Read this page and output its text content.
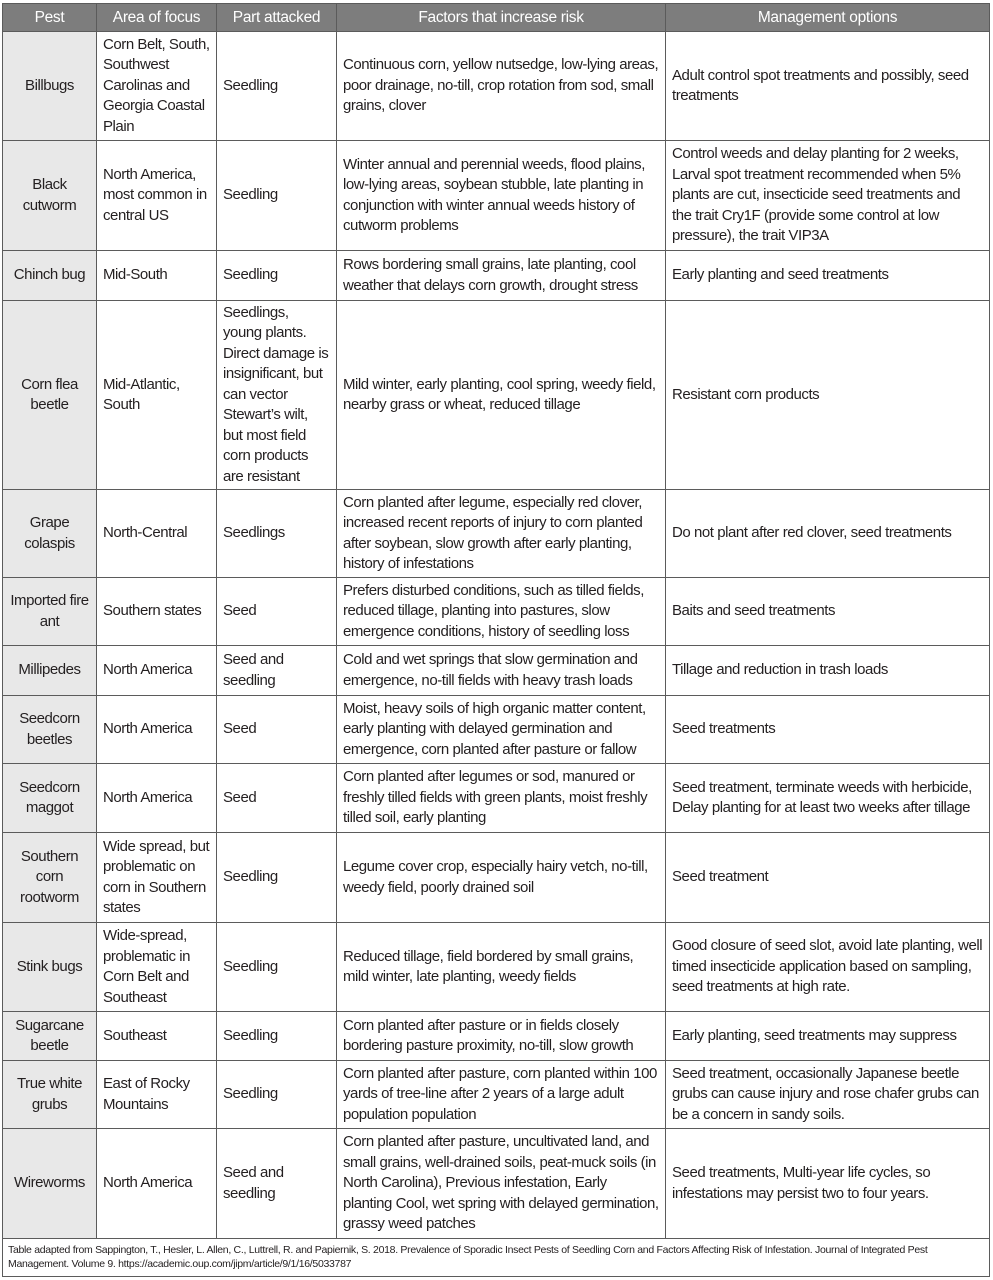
Pest	Area of focus	Part attacked	Factors that increase risk	Management options
Billbugs	Corn Belt, South, Southwest Carolinas and Georgia Coastal Plain	Seedling	Continuous corn, yellow nutsedge, low-lying areas, poor drainage, no-till, crop rotation from sod, small grains, clover	Adult control spot treatments and possibly, seed treatments
Black cutworm	North America, most common in central US	Seedling	Winter annual and perennial weeds, flood plains, low-lying areas, soybean stubble, late planting in conjunction with winter annual weeds history of cutworm problems	Control weeds and delay planting for 2 weeks, Larval spot treatment recommended when 5% plants are cut, insecticide seed treatments and the trait Cry1F (provide some control at low pressure), the trait VIP3A
Chinch bug	Mid-South	Seedling	Rows bordering small grains, late planting, cool weather that delays corn growth, drought stress	Early planting and seed treatments
Corn flea beetle	Mid-Atlantic, South	Seedlings, young plants. Direct damage is insignificant, but can vector Stewart’s wilt, but most field corn products are resistant	Mild winter, early planting, cool spring, weedy field, nearby grass or wheat, reduced tillage	Resistant corn products
Grape colaspis	North-Central	Seedlings	Corn planted after legume, especially red clover, increased recent reports of injury to corn planted after soybean, slow growth after early planting, history of infestations	Do not plant after red clover, seed treatments
Imported fire ant	Southern states	Seed	Prefers disturbed conditions, such as tilled fields, reduced tillage, planting into pastures, slow emergence conditions, history of seedling loss	Baits and seed treatments
Millipedes	North America	Seed and seedling	Cold and wet springs that slow germination and emergence, no-till fields with heavy trash loads	Tillage and reduction in trash loads
Seedcorn beetles	North America	Seed	Moist, heavy soils of high organic matter content, early planting with delayed germination and emergence, corn planted after pasture or fallow	Seed treatments
Seedcorn maggot	North America	Seed	Corn planted after legumes or sod, manured or freshly tilled fields with green plants, moist freshly tilled soil, early planting	Seed treatment, terminate weeds with herbicide, Delay planting for at least two weeks after tillage
Southern corn rootworm	Wide spread, but problematic on corn in Southern states	Seedling	Legume cover crop, especially hairy vetch, no-till, weedy field, poorly drained soil	Seed treatment
Stink bugs	Wide-spread, problematic in Corn Belt and Southeast	Seedling	Reduced tillage, field bordered by small grains, mild winter, late planting, weedy fields	Good closure of seed slot, avoid late planting, well timed insecticide application based on sampling, seed treatments at high rate.
Sugarcane beetle	Southeast	Seedling	Corn planted after pasture or in fields closely bordering pasture proximity, no-till, slow growth	Early planting, seed treatments may suppress
True white grubs	East of Rocky Mountains	Seedling	Corn planted after pasture, corn planted within 100 yards of tree-line after 2 years of a large adult population population	Seed treatment, occasionally Japanese beetle grubs can cause injury and rose chafer grubs can be a concern in sandy soils.
Wireworms	North America	Seed and seedling	Corn planted after pasture, uncultivated land, and small grains, well-drained soils, peat-muck soils (in North Carolina), Previous infestation, Early planting Cool, wet spring with delayed germination, grassy weed patches	Seed treatments, Multi-year life cycles, so infestations may persist two to four years.
Table adapted from Sappington, T., Hesler, L. Allen, C., Luttrell, R. and Papiernik, S. 2018. Prevalence of Sporadic Insect Pests of Seedling Corn and Factors Affecting Risk of Infestation. Journal of Integrated Pest Management. Volume 9. https://academic.oup.com/jipm/article/9/1/16/5033787				
